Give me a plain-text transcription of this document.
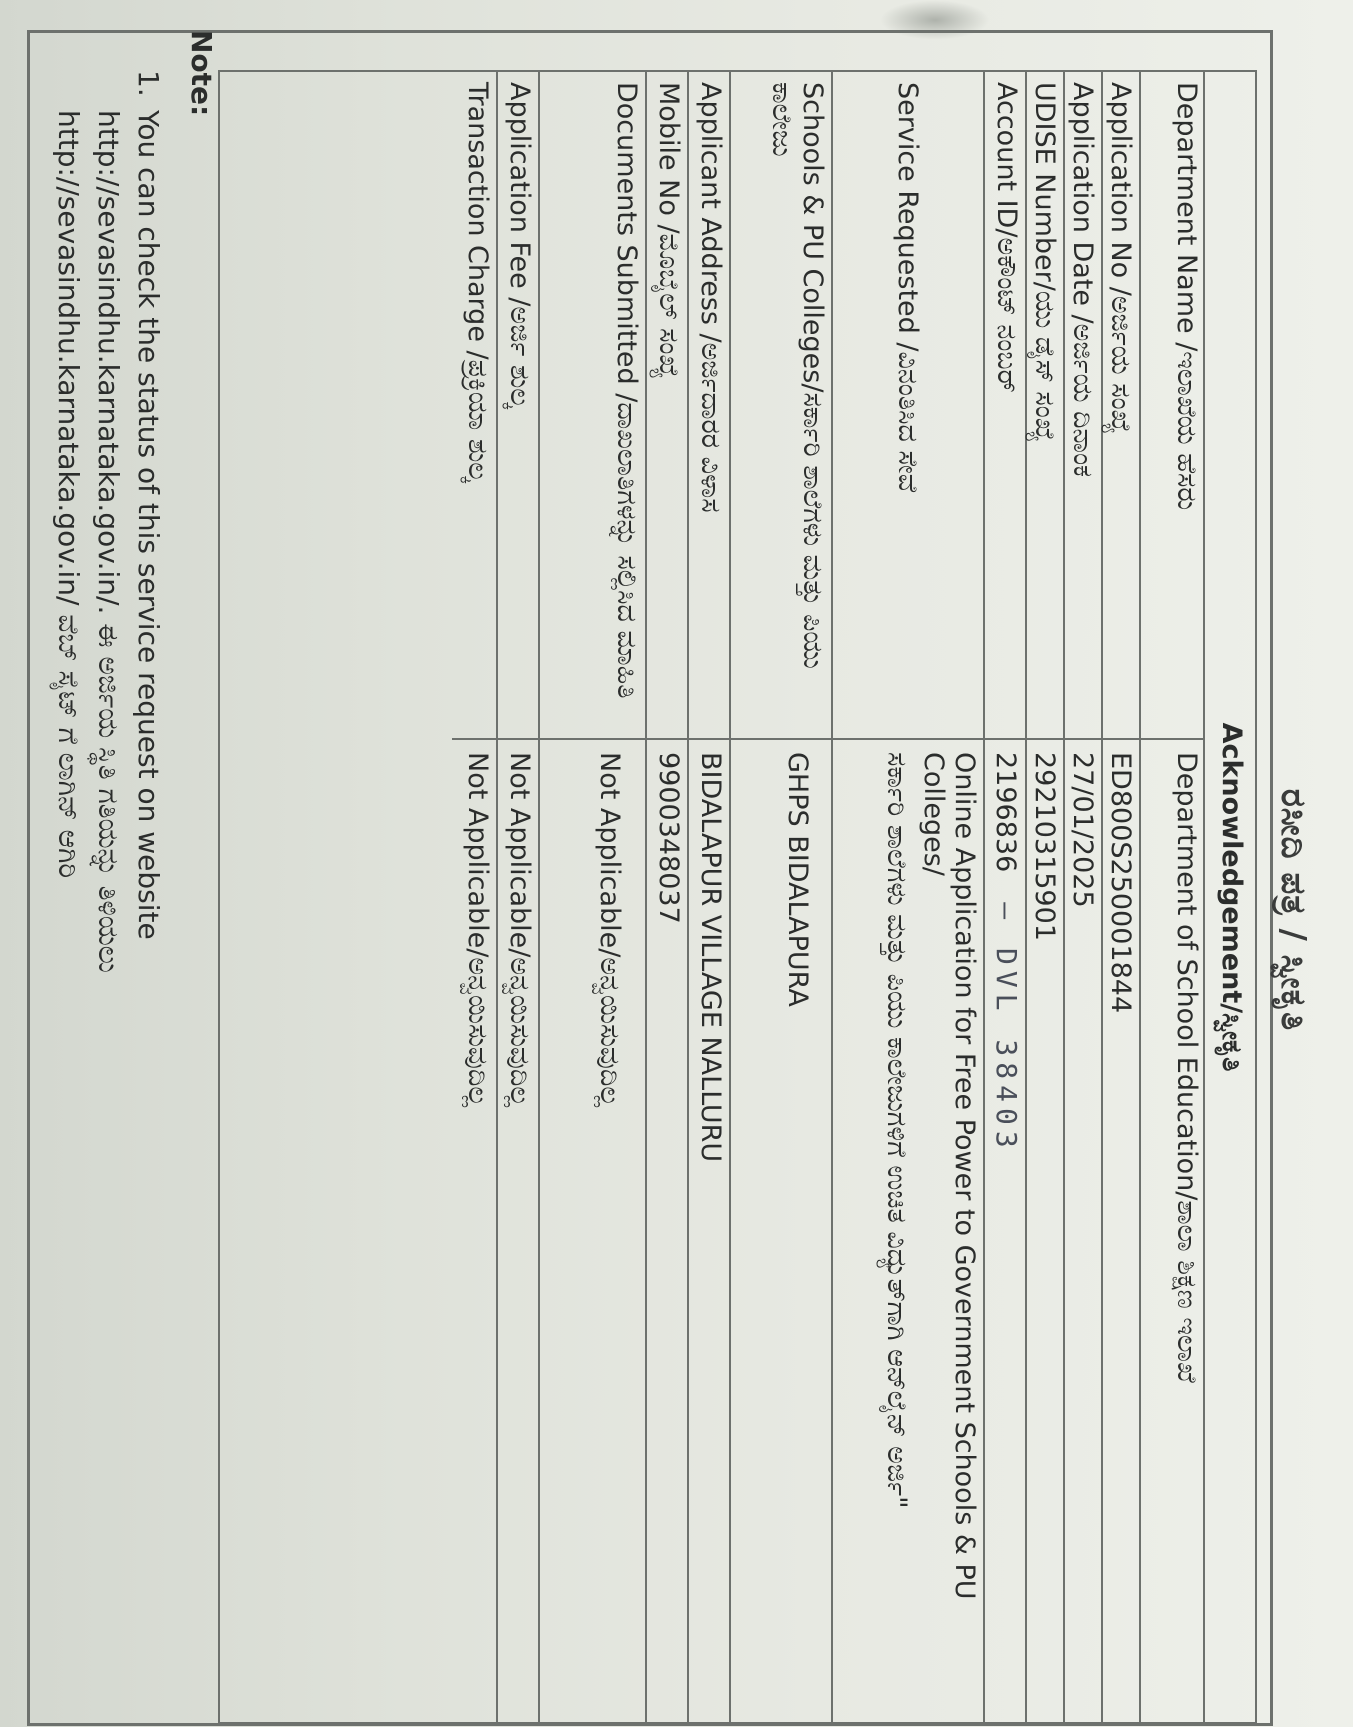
ರಸೀದಿ ಪತ್ರ / ಸ್ವೀಕೃತಿ
Acknowledgement/ಸ್ವೀಕೃತಿ
Department Name /ಇಲಾಖೆಯ ಹೆಸರು
Department of School Education/ಶಾಲಾ ಶಿಕ್ಷಣ ಇಲಾಖೆ
Application No /ಅರ್ಜಿಯ ಸಂಖ್ಯೆ
ED800S250001844
Application Date /ಅರ್ಜಿಯ ದಿನಾಂಕ
27/01/2025
UDISE Number/ಯು ಡೈಸ್ ಸಂಖ್ಯೆ
29210315901
Account ID/ಅಕೌಂಟ್ ನಂಬರ್
2196836— DVL 38403
Service Requested /ವಿನಂತಿಸಿದ ಸೇವೆ
Online Application for Free Power to Government Schools & PU Colleges/
ಸರ್ಕಾರಿ ಶಾಲೆಗಳು ಮತ್ತು ಪಿಯು ಕಾಲೇಜುಗಳಿಗೆ ಉಚಿತ ವಿದ್ಯುತ್‌ಗಾಗಿ ಆನ್‌ಲೈನ್ ಅರ್ಜಿ"
Schools & PU Colleges/ಸರ್ಕಾರಿ ಶಾಲೆಗಳು ಮತ್ತು ಪಿಯು ಕಾಲೇಜು
GHPS BIDALAPURA
Applicant Address /ಅರ್ಜಿದಾರರ ವಿಳಾಸ
BIDALAPUR VILLAGE NALLURU
Mobile No /ಮೊಬೈಲ್ ಸಂಖ್ಯೆ
9900348037
Documents Submitted /ದಾಖಲಾತಿಗಳನ್ನು ಸಲ್ಲಿಸಿದ ಮಾಹಿತಿ
Not Applicable/ಅನ್ವಯಿಸುವುದಿಲ್ಲ
Application Fee /ಅರ್ಜಿ ಶುಲ್ಕ
Not Applicable/ಅನ್ವಯಿಸುವುದಿಲ್ಲ
Transaction Charge /ಪ್ರಕ್ರಿಯಾ ಶುಲ್ಕ
Not Applicable/ಅನ್ವಯಿಸುವುದಿಲ್ಲ
Note:
1.
You can check the status of this service request on website
http://sevasindhu.karnataka.gov.in/. ಈ ಅರ್ಜಿಯ ಸ್ಥಿತಿ ಗತಿಯನ್ನು ತಿಳಿಯಲು
http://sevasindhu.karnataka.gov.in/ ವೆಬ್ ಸೈಟ್ ಗೆ ಲಾಗಿನ್ ಆಗಿರಿ
